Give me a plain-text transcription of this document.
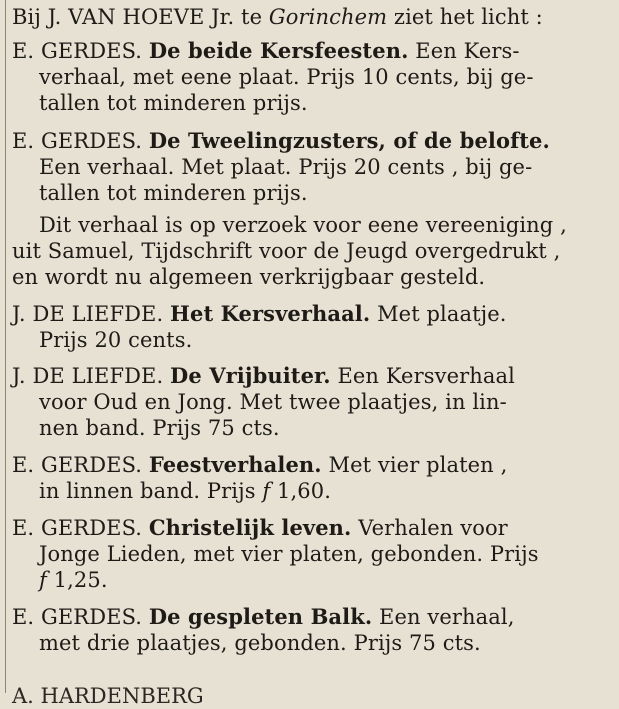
Bij J. VAN HOEVE Jr. te Gorinchem ziet het licht :
E. GERDES. De beide Kersfeesten. Een Kers-
verhaal, met eene plaat. Prijs 10 cents, bij ge-
tallen tot minderen prijs.
E. GERDES. De Tweelingzusters, of de belofte.
Een verhaal. Met plaat. Prijs 20 cents , bij ge-
tallen tot minderen prijs.
Dit verhaal is op verzoek voor eene vereeniging ,
uit Samuel, Tijdschrift voor de Jeugd overgedrukt ,
en wordt nu algemeen verkrijgbaar gesteld.
J. DE LIEFDE. Het Kersverhaal. Met plaatje.
Prijs 20 cents.
J. DE LIEFDE. De Vrijbuiter. Een Kersverhaal
voor Oud en Jong. Met twee plaatjes, in lin-
nen band. Prijs 75 cts.
E. GERDES. Feestverhalen. Met vier platen ,
in linnen band. Prijs f 1,60.
E. GERDES. Christelijk leven. Verhalen voor
Jonge Lieden, met vier platen, gebonden. Prijs
f 1,25.
E. GERDES. De gespleten Balk. Een verhaal,
met drie plaatjes, gebonden. Prijs 75 cts.
A. HARDENBERG
